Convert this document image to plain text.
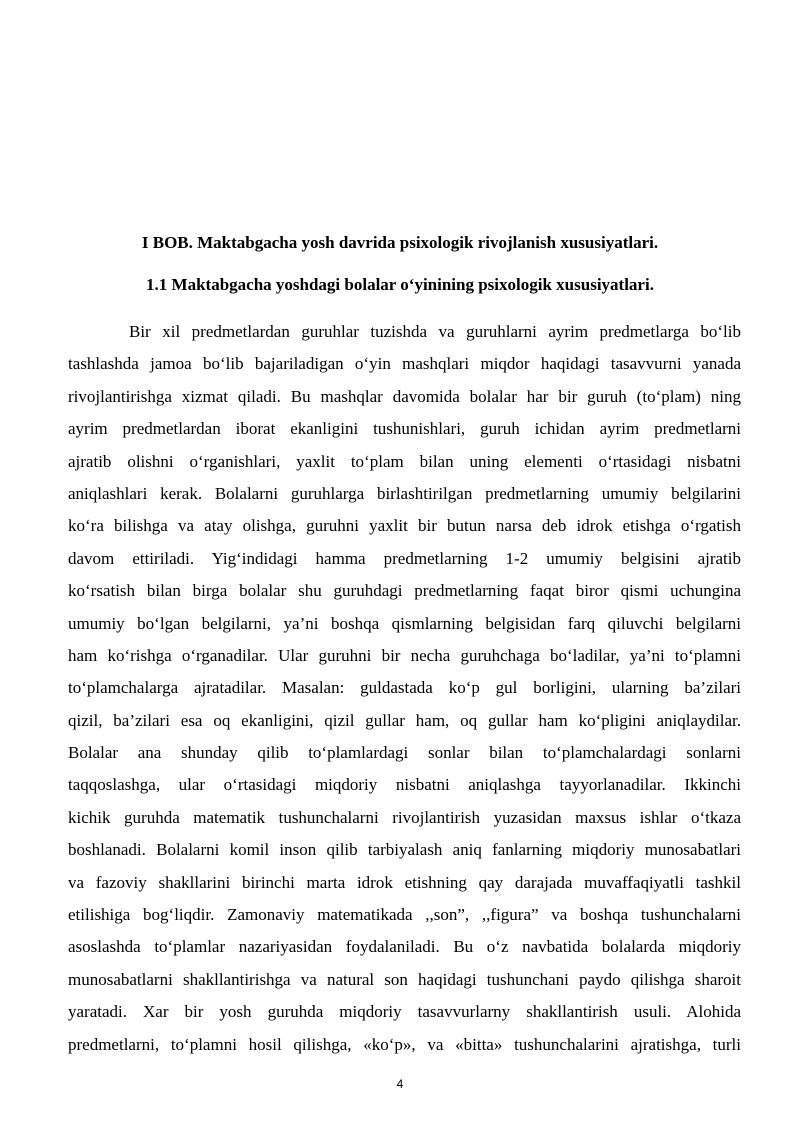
I BOB. Maktabgacha yosh davrida psixologik rivojlanish xususiyatlari.
1.1 Maktabgacha yoshdagi bolalar o‘yinining psixologik xususiyatlari.
Bir xil predmetlardan guruhlar tuzishda va guruhlarni ayrim predmetlarga bo‘lib
tashlashda jamoa bo‘lib bajariladigan o‘yin mashqlari miqdor haqidagi tasavvurni yanada
rivojlantirishga xizmat qiladi. Bu mashqlar davomida bolalar har bir guruh (to‘plam) ning
ayrim predmetlardan iborat ekanligini tushunishlari, guruh ichidan ayrim predmetlarni
ajratib olishni o‘rganishlari, yaxlit to‘plam bilan uning elementi o‘rtasidagi nisbatni
aniqlashlari kerak. Bolalarni guruhlarga birlashtirilgan predmetlarning umumiy belgilarini
ko‘ra bilishga va atay olishga, guruhni yaxlit bir butun narsa deb idrok etishga o‘rgatish
davom ettiriladi. Yig‘indidagi hamma predmetlarning 1-2 umumiy belgisini ajratib
ko‘rsatish bilan birga bolalar shu guruhdagi predmetlarning faqat biror qismi uchungina
umumiy bo‘lgan belgilarni, ya’ni boshqa qismlarning belgisidan farq qiluvchi belgilarni
ham ko‘rishga o‘rganadilar. Ular guruhni bir necha guruhchaga bo‘ladilar, ya’ni to‘plamni
to‘plamchalarga ajratadilar. Masalan: guldastada ko‘p gul borligini, ularning ba’zilari
qizil, ba’zilari esa oq ekanligini, qizil gullar ham, oq gullar ham ko‘pligini aniqlaydilar.
Bolalar ana shunday qilib to‘plamlardagi sonlar bilan to‘plamchalardagi sonlarni
taqqoslashga, ular o‘rtasidagi miqdoriy nisbatni aniqlashga tayyorlanadilar. Ikkinchi
kichik guruhda matematik tushunchalarni rivojlantirish yuzasidan maxsus ishlar o‘tkaza
boshlanadi. Bolalarni komil inson qilib tarbiyalash aniq fanlarning miqdoriy munosabatlari
va fazoviy shakllarini birinchi marta idrok etishning qay darajada muvaffaqiyatli tashkil
etilishiga bog‘liqdir. Zamonaviy matematikada ,,son”, ,,figura” va boshqa tushunchalarni
asoslashda to‘plamlar nazariyasidan foydalaniladi. Bu o‘z navbatida bolalarda miqdoriy
munosabatlarni shakllantirishga va natural son haqidagi tushunchani paydo qilishga sharoit
yaratadi. Xar bir yosh guruhda miqdoriy tasavvurlarny shakllantirish usuli. Alohida
predmetlarni, to‘plamni hosil qilishga, «ko‘p», va «bitta» tushunchalarini ajratishga, turli
4
